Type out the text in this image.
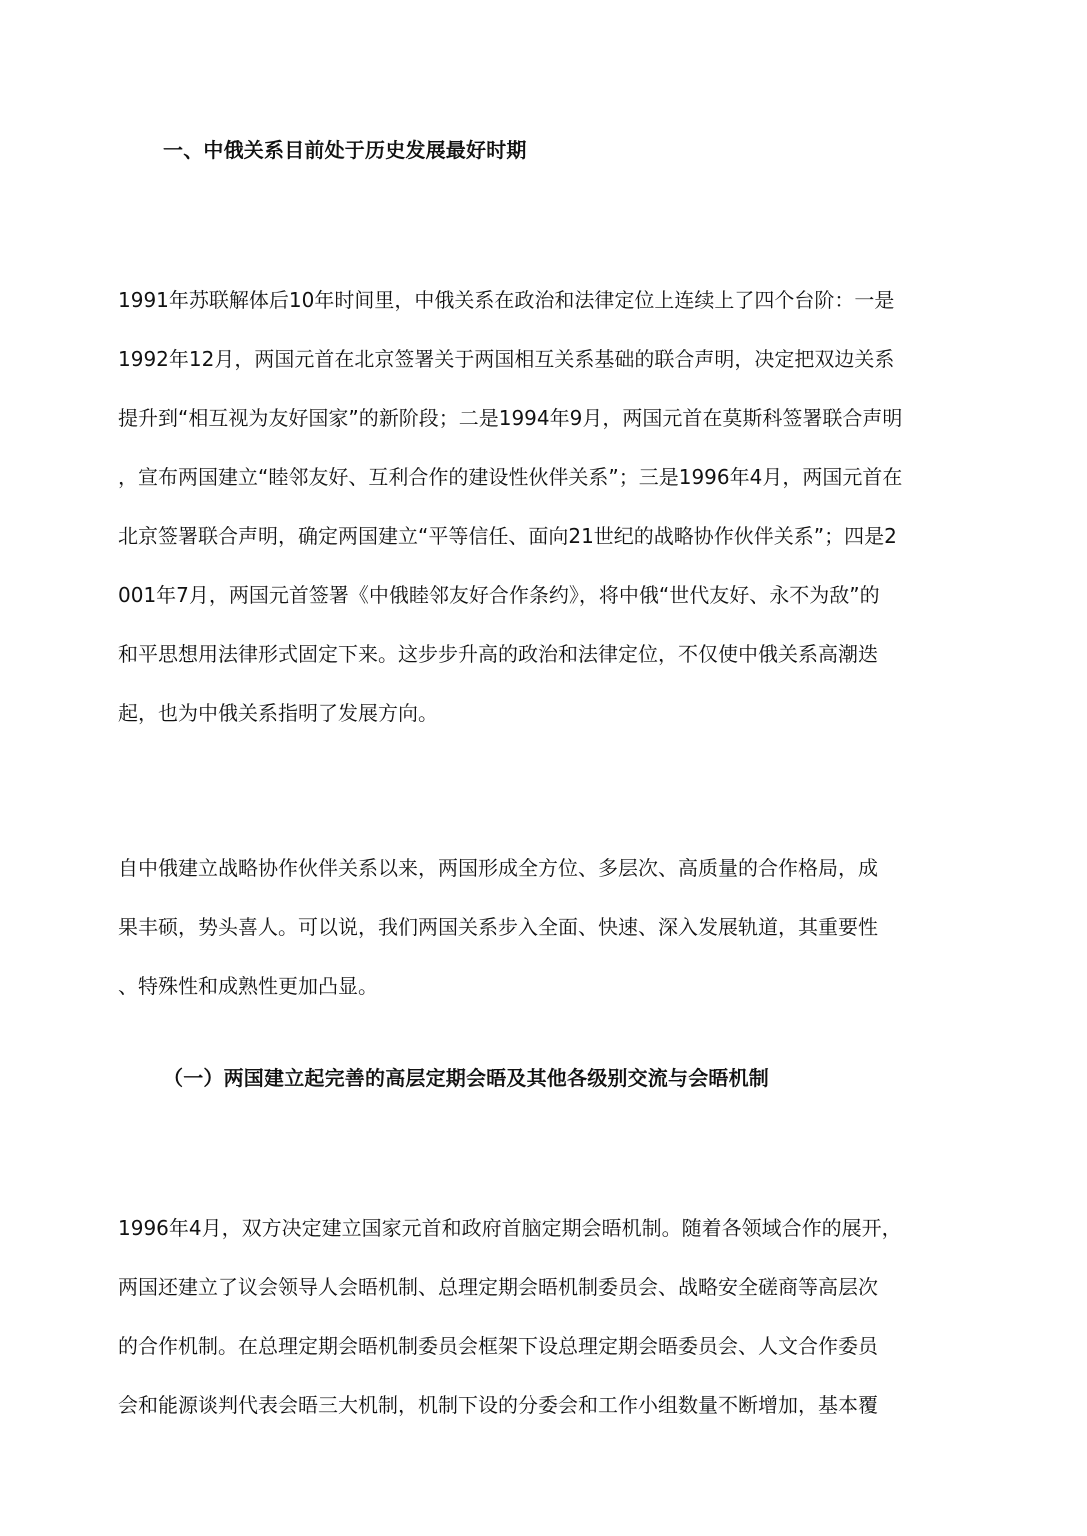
一、中俄关系目前处于历史发展最好时期
1991年苏联解体后10年时间里，中俄关系在政治和法律定位上连续上了四个台阶：一是
1992年12月，两国元首在北京签署关于两国相互关系基础的联合声明，决定把双边关系
提升到“相互视为友好国家”的新阶段；二是1994年9月，两国元首在莫斯科签署联合声明
，宣布两国建立“睦邻友好、互利合作的建设性伙伴关系”；三是1996年4月，两国元首在
北京签署联合声明，确定两国建立“平等信任、面向21世纪的战略协作伙伴关系”；四是2
001年7月，两国元首签署《中俄睦邻友好合作条约》，将中俄“世代友好、永不为敌”的
和平思想用法律形式固定下来。这步步升高的政治和法律定位，不仅使中俄关系高潮迭
起，也为中俄关系指明了发展方向。
自中俄建立战略协作伙伴关系以来，两国形成全方位、多层次、高质量的合作格局，成
果丰硕，势头喜人。可以说，我们两国关系步入全面、快速、深入发展轨道，其重要性
、特殊性和成熟性更加凸显。
（一）两国建立起完善的高层定期会晤及其他各级别交流与会晤机制
1996年4月，双方决定建立国家元首和政府首脑定期会晤机制。随着各领域合作的展开，
两国还建立了议会领导人会晤机制、总理定期会晤机制委员会、战略安全磋商等高层次
的合作机制。在总理定期会晤机制委员会框架下设总理定期会晤委员会、人文合作委员
会和能源谈判代表会晤三大机制，机制下设的分委会和工作小组数量不断增加，基本覆
